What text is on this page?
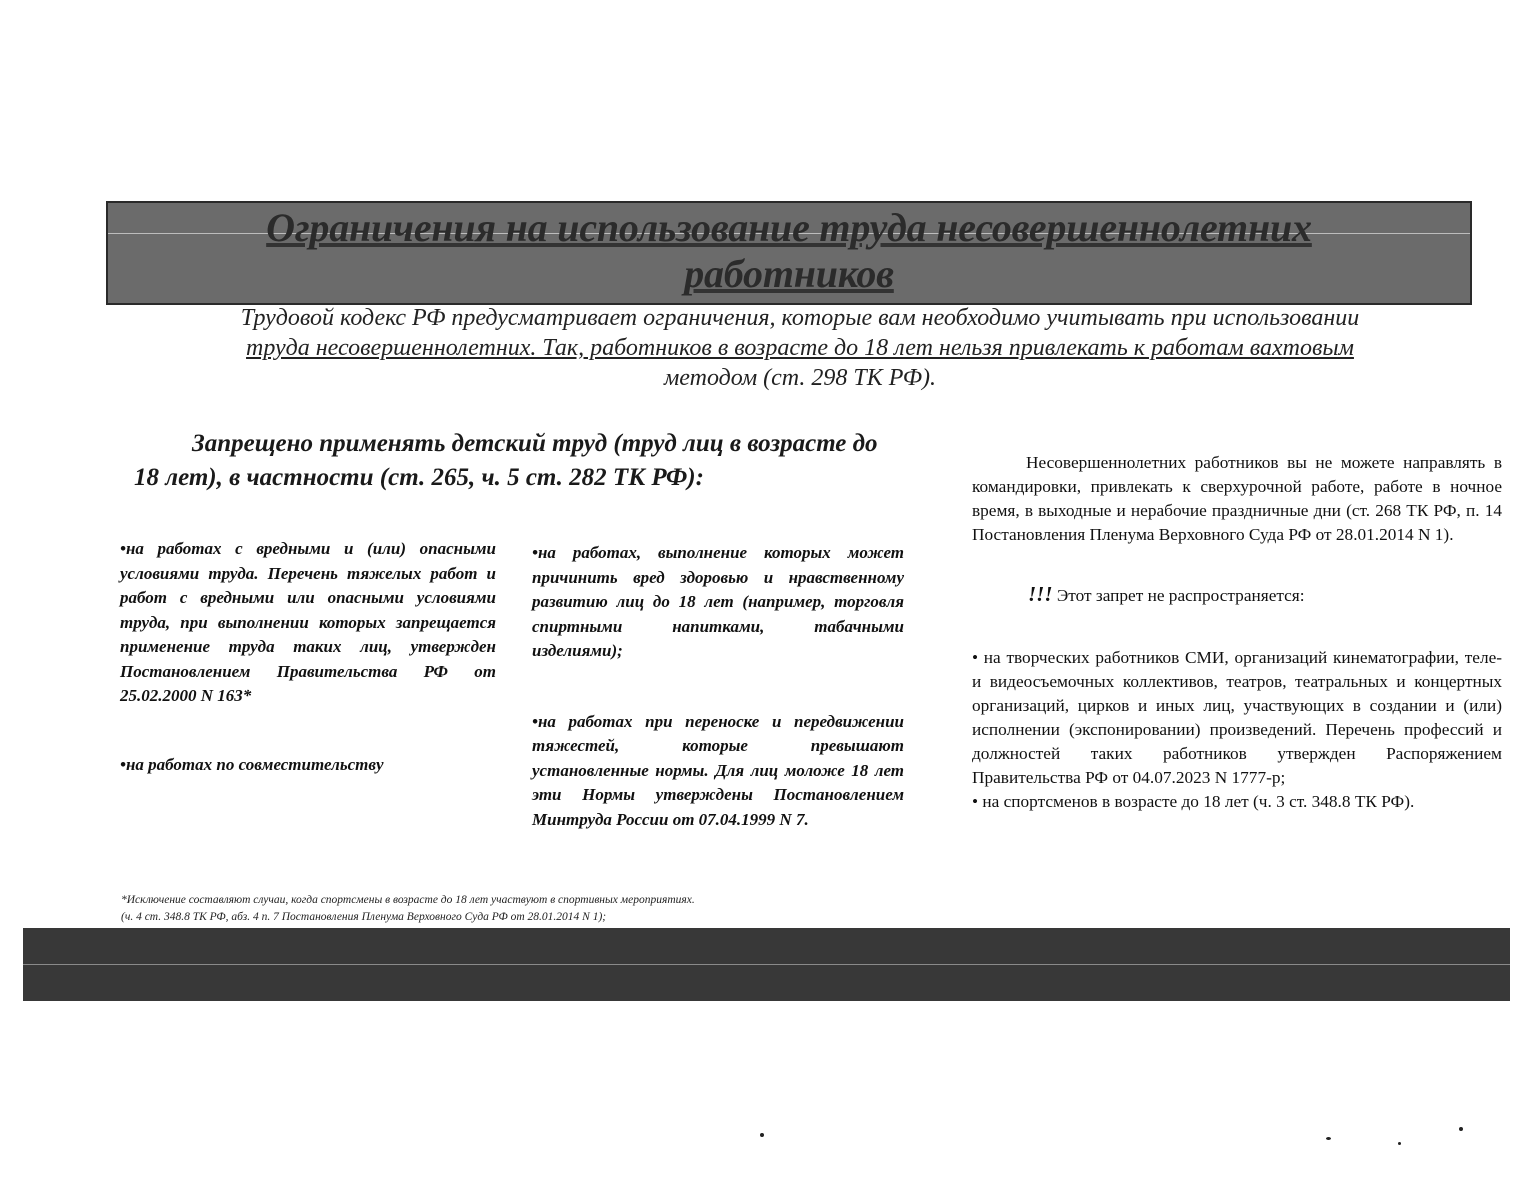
Ограничения на использование труда несовершеннолетних
работников
Трудовой кодекс РФ предусматривает ограничения, которые вам необходимо учитывать при использовании
труда несовершеннолетних. Так, работников в возрасте до 18 лет нельзя привлекать к работам вахтовым
методом (ст. 298 ТК РФ).
Запрещено применять детский труд (труд лиц в возрасте до 18 лет), в частности (ст. 265, ч. 5 ст. 282 ТК РФ):

•на работах с вредными и (или) опасными условиями труда. Перечень тяжелых работ и работ с вредными или опасными условиями труда, при выполнении которых запрещается применение труда таких лиц, утвержден Постановлением Правительства РФ от 25.02.2000 N 163*

•на работах по совместительству

•на работах, выполнение которых может причинить вред здоровью и нравственному развитию лиц до 18 лет (например, торговля спиртными напитками, табачными изделиями);

•на работах при переноске и передвижении тяжестей, которые превышают установленные нормы. Для лиц моложе 18 лет эти Нормы утверждены Постановлением Минтруда России от 07.04.1999 N 7.

*Исключение составляют случаи, когда спортсмены в возрасте до 18 лет участвуют в спортивных мероприятиях.
(ч. 4 ст. 348.8 ТК РФ, абз. 4 п. 7 Постановления Пленума Верховного Суда РФ от 28.01.2014 N 1);

Несовершеннолетних работников вы не можете направлять в командировки, привлекать к сверхурочной работе, работе в ночное время, в выходные и нерабочие праздничные дни (ст. 268 ТК РФ, п. 14 Постановления Пленума Верховного Суда РФ от 28.01.2014 N 1).

!!! Этот запрет не распространяется:

• на творческих работников СМИ, организаций кинематографии, теле- и видеосъемочных коллективов, театров, театральных и концертных организаций, цирков и иных лиц, участвующих в создании и (или) исполнении (экспонировании) произведений. Перечень профессий и должностей таких работников утвержден Распоряжением Правительства РФ от 04.07.2023 N 1777-р;

• на спортсменов в возрасте до 18 лет (ч. 3 ст. 348.8 ТК РФ).
